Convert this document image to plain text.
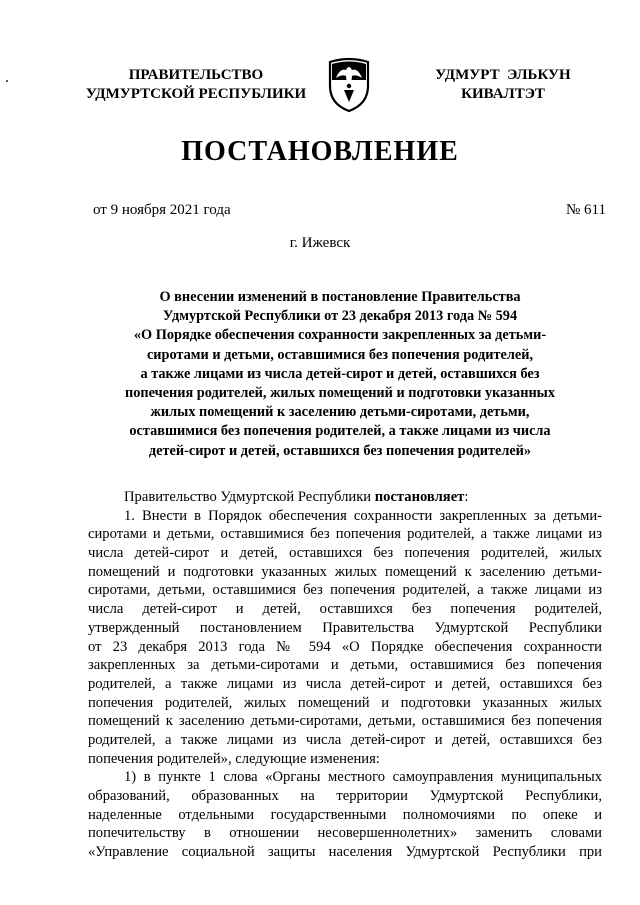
ПРАВИТЕЛЬСТВО
УДМУРТСКОЙ РЕСПУБЛИКИ
УДМУРТ  ЭЛЬКУН
КИВАЛТЭТ
ПОСТАНОВЛЕНИЕ
от 9 ноября 2021 года	№ 611
г. Ижевск
О внесении изменений в постановление Правительства
Удмуртской Республики от 23 декабря 2013 года № 594
«О Порядке обеспечения сохранности закрепленных за детьми-
сиротами и детьми, оставшимися без попечения родителей,
а также лицами из числа детей-сирот и детей, оставшихся без
попечения родителей, жилых помещений и подготовки указанных
жилых помещений к заселению детьми-сиротами, детьми,
оставшимися без попечения родителей, а также лицами из числа
детей-сирот и детей, оставшихся без попечения родителей»
Правительство Удмуртской Республики постановляет:
1. Внести в Порядок обеспечения сохранности закрепленных за детьми-
сиротами и детьми, оставшимися без попечения родителей, а также лицами из
числа детей-сирот и детей, оставшихся без попечения родителей, жилых
помещений и подготовки указанных жилых помещений к заселению детьми-
сиротами, детьми, оставшимися без попечения родителей, а также лицами из
числа детей-сирот и детей, оставшихся без попечения родителей,
утвержденный постановлением Правительства Удмуртской Республики
от 23 декабря 2013 года № 594 «О Порядке обеспечения сохранности
закрепленных за детьми-сиротами и детьми, оставшимися без попечения
родителей, а также лицами из числа детей-сирот и детей, оставшихся без
попечения родителей, жилых помещений и подготовки указанных жилых
помещений к заселению детьми-сиротами, детьми, оставшимися без попечения
родителей, а также лицами из числа детей-сирот и детей, оставшихся без
попечения родителей», следующие изменения:
1) в пункте 1 слова «Органы местного самоуправления муниципальных
образований, образованных на территории Удмуртской Республики,
наделенные отдельными государственными полномочиями по опеке и
попечительству в отношении несовершеннолетних» заменить словами
«Управление социальной защиты населения Удмуртской Республики при
